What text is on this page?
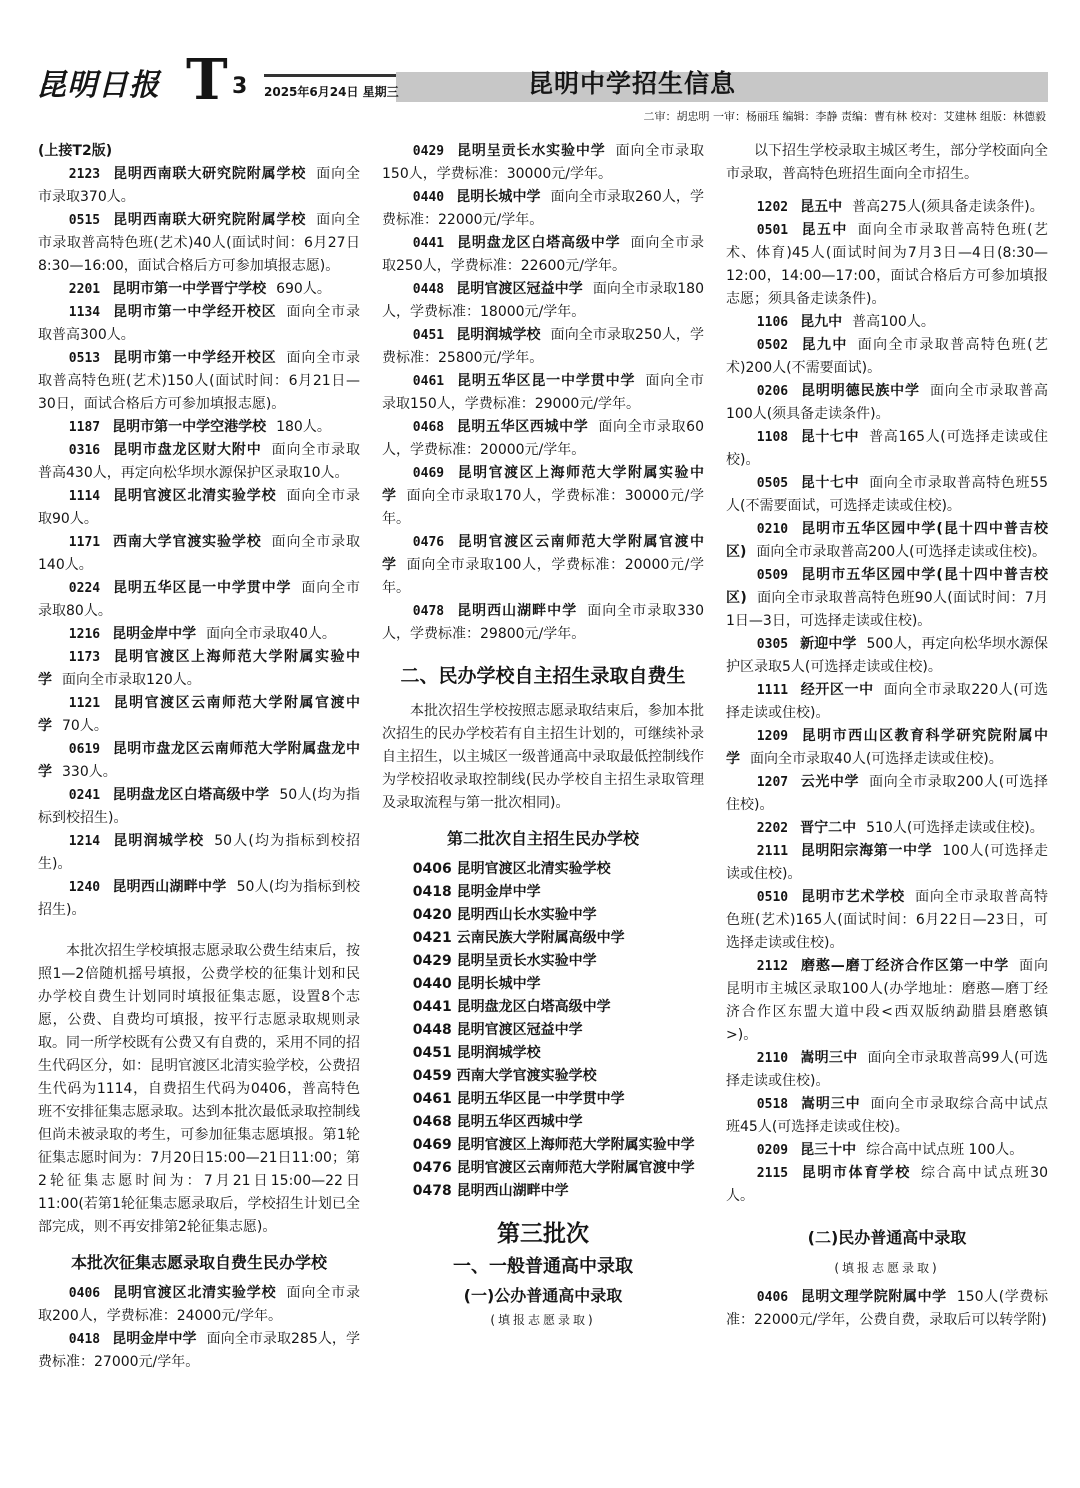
昆明日报 T 3 2025年6月24日 星期三	昆明中学招生信息
二审：胡忠明 一审：杨丽珏 编辑：李静 责编：曹有林 校对：艾建林 组版：林德毅

(上接T2版)

2123 昆明西南联大研究院附属学校 面向全市录取370人。

0515 昆明西南联大研究院附属学校 面向全市录取普高特色班(艺术)40人(面试时间：6月27日8:30—16:00，面试合格后方可参加填报志愿)。

2201 昆明市第一中学晋宁学校 690人。

1134 昆明市第一中学经开校区 面向全市录取普高300人。

0513 昆明市第一中学经开校区 面向全市录取普高特色班(艺术)150人(面试时间：6月21日—30日，面试合格后方可参加填报志愿)。

1187 昆明市第一中学空港学校 180人。

0316 昆明市盘龙区财大附中 面向全市录取普高430人，再定向松华坝水源保护区录取10人。

1114 昆明官渡区北清实验学校 面向全市录取90人。

1171 西南大学官渡实验学校 面向全市录取140人。

0224 昆明五华区昆一中学贯中学 面向全市录取80人。

1216 昆明金岸中学 面向全市录取40人。

1173 昆明官渡区上海师范大学附属实验中学 面向全市录取120人。

1121 昆明官渡区云南师范大学附属官渡中学 70人。

0619 昆明市盘龙区云南师范大学附属盘龙中学 330人。

0241 昆明盘龙区白塔高级中学 50人(均为指标到校招生)。

1214 昆明润城学校 50人(均为指标到校招生)。

1240 昆明西山湖畔中学 50人(均为指标到校招生)。

本批次招生学校填报志愿录取公费生结束后，按照1—2倍随机摇号填报，公费学校的征集计划和民办学校自费生计划同时填报征集志愿，设置8个志愿，公费、自费均可填报，按平行志愿录取规则录取。同一所学校既有公费又有自费的，采用不同的招生代码区分，如：昆明官渡区北清实验学校，公费招生代码为1114，自费招生代码为0406，普高特色班不安排征集志愿录取。达到本批次最低录取控制线但尚未被录取的考生，可参加征集志愿填报。第1轮征集志愿时间为：7月20日15:00—21日11:00；第2轮征集志愿时间为：7月21日15:00—22日11:00(若第1轮征集志愿录取后，学校招生计划已全部完成，则不再安排第2轮征集志愿)。

本批次征集志愿录取自费生民办学校

0406 昆明官渡区北清实验学校 面向全市录取200人，学费标准：24000元/学年。

0418 昆明金岸中学 面向全市录取285人，学费标准：27000元/学年。

0429 昆明呈贡长水实验中学 面向全市录取150人，学费标准：30000元/学年。

0440 昆明长城中学 面向全市录取260人，学费标准：22000元/学年。

0441 昆明盘龙区白塔高级中学 面向全市录取250人，学费标准：22600元/学年。

0448 昆明官渡区冠益中学 面向全市录取180人，学费标准：18000元/学年。

0451 昆明润城学校 面向全市录取250人，学费标准：25800元/学年。

0461 昆明五华区昆一中学贯中学 面向全市录取150人，学费标准：29000元/学年。

0468 昆明五华区西城中学 面向全市录取60人，学费标准：20000元/学年。

0469 昆明官渡区上海师范大学附属实验中学 面向全市录取170人，学费标准：30000元/学年。

0476 昆明官渡区云南师范大学附属官渡中学 面向全市录取100人，学费标准：20000元/学年。

0478 昆明西山湖畔中学 面向全市录取330人，学费标准：29800元/学年。

二、民办学校自主招生录取自费生

本批次招生学校按照志愿录取结束后，参加本批次招生的民办学校若有自主招生计划的，可继续补录自主招生，以主城区一级普通高中录取最低控制线作为学校招收录取控制线(民办学校自主招生录取管理及录取流程与第一批次相同)。

第二批次自主招生民办学校
0406 昆明官渡区北清实验学校
0418 昆明金岸中学
0420 昆明西山长水实验中学
0421 云南民族大学附属高级中学
0429 昆明呈贡长水实验中学
0440 昆明长城中学
0441 昆明盘龙区白塔高级中学
0448 昆明官渡区冠益中学
0451 昆明润城学校
0459 西南大学官渡实验学校
0461 昆明五华区昆一中学贯中学
0468 昆明五华区西城中学
0469 昆明官渡区上海师范大学附属实验中学
0476 昆明官渡区云南师范大学附属官渡中学
0478 昆明西山湖畔中学
第三批次
一、一般普通高中录取
(一)公办普通高中录取
(填报志愿录取)

以下招生学校录取主城区考生，部分学校面向全市录取，普高特色班招生面向全市招生。

1202 昆五中 普高275人(须具备走读条件)。

0501 昆五中 面向全市录取普高特色班(艺术、体育)45人(面试时间为7月3日—4日(8:30—12:00，14:00—17:00，面试合格后方可参加填报志愿；须具备走读条件)。

1106 昆九中 普高100人。

0502 昆九中 面向全市录取普高特色班(艺术)200人(不需要面试)。

0206 昆明明德民族中学 面向全市录取普高100人(须具备走读条件)。

1108 昆十七中 普高165人(可选择走读或住校)。

0505 昆十七中 面向全市录取普高特色班55人(不需要面试，可选择走读或住校)。

0210 昆明市五华区园中学(昆十四中普吉校区) 面向全市录取普高200人(可选择走读或住校)。

0509 昆明市五华区园中学(昆十四中普吉校区) 面向全市录取普高特色班90人(面试时间：7月1日—3日，可选择走读或住校)。

0305 新迎中学 500人，再定向松华坝水源保护区录取5人(可选择走读或住校)。

1111 经开区一中 面向全市录取220人(可选择走读或住校)。

1209 昆明市西山区教育科学研究院附属中学 面向全市录取40人(可选择走读或住校)。

1207 云光中学 面向全市录取200人(可选择住校)。

2202 晋宁二中 510人(可选择走读或住校)。

2111 昆明阳宗海第一中学 100人(可选择走读或住校)。

0510 昆明市艺术学校 面向全市录取普高特色班(艺术)165人(面试时间：6月22日—23日，可选择走读或住校)。

2112 磨憨—磨丁经济合作区第一中学 面向昆明市主城区录取100人(办学地址：磨憨—磨丁经济合作区东盟大道中段<西双版纳勐腊县磨憨镇>)。

2110 嵩明三中 面向全市录取普高99人(可选择走读或住校)。

0518 嵩明三中 面向全市录取综合高中试点班45人(可选择走读或住校)。

0209 昆三十中 综合高中试点班 100人。

2115 昆明市体育学校 综合高中试点班30人。

(二)民办普通高中录取
(填报志愿录取)

0406 昆明文理学院附属中学 150人(学费标准：22000元/学年，公费自费，录取后可以转学附)
